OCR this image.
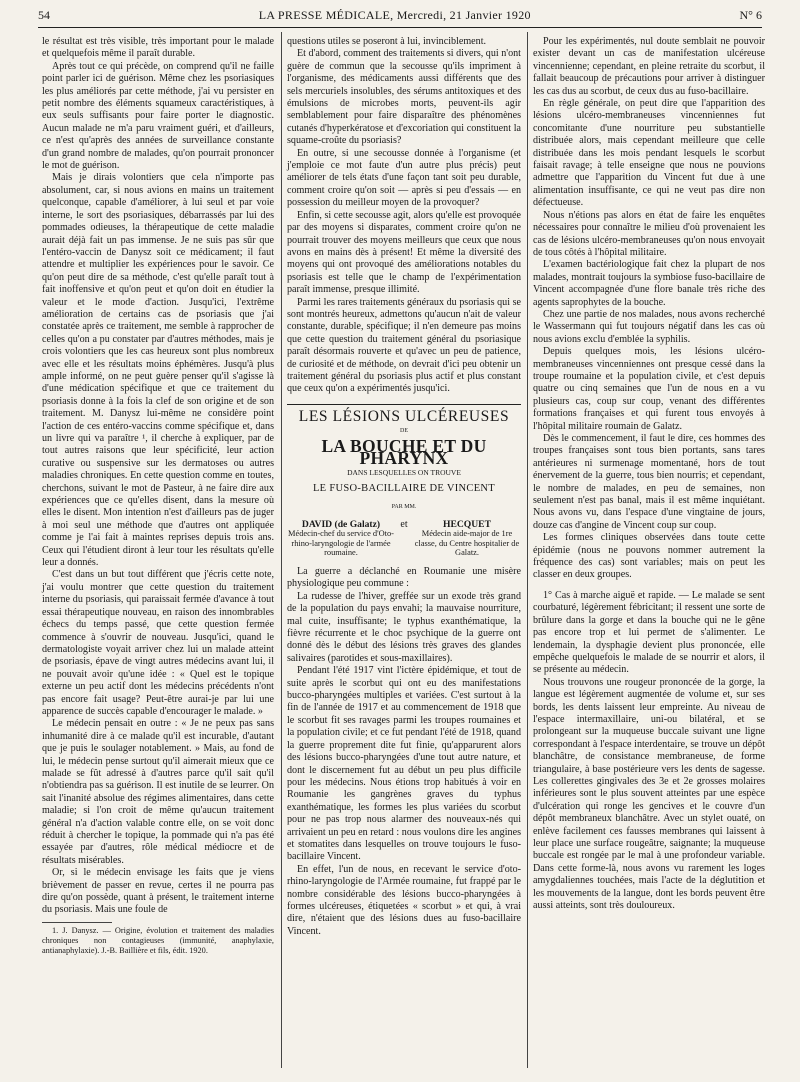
54	LA PRESSE MÉDICALE, Mercredi, 21 Janvier 1920	N° 6

le résultat est très visible, très important pour le malade et quelquefois même il paraît durable.

Après tout ce qui précède, on comprend qu'il ne faille point parler ici de guérison. Même chez les psoriasiques les plus améliorés par cette méthode, j'ai vu persister en petit nombre des éléments squameux caractéristiques, à eux seuls suffisants pour faire porter le diagnostic. Aucun malade ne m'a paru vraiment guéri, et d'ailleurs, ce n'est qu'après des années de surveillance constante d'un grand nombre de malades, qu'on pourrait prononcer le mot de guérison.

Mais je dirais volontiers que cela n'importe pas absolument, car, si nous avions en mains un traitement quelconque, capable d'améliorer, à lui seul et par voie interne, le sort des psoriasiques, débarrassés par lui des pommades odieuses, la thérapeutique de cette maladie aurait déjà fait un pas immense. Je ne suis pas sûr que l'entéro-vaccin de Danysz soit ce médicament; il faut attendre et multiplier les expériences pour le savoir. Ce qu'on peut dire de sa méthode, c'est qu'elle paraît tout à fait inoffensive et qu'on peut et qu'on doit en étudier la valeur et le mode d'action. Jusqu'ici, l'extrême amélioration de certains cas de psoriasis que j'ai constatée après ce traitement, me semble à rapprocher de celles qu'on a pu constater par d'autres méthodes, mais je crois volontiers que les cas heureux sont plus nombreux avec elle et les résultats moins éphémères. Jusqu'à plus ample informé, on ne peut guère penser qu'il s'agisse là d'une médication spécifique et que ce traitement du psoriasis donne à la fois la clef de son origine et de son traitement. M. Danysz lui-même ne considère point l'action de ces entéro-vaccins comme spécifique et, dans un livre qui va paraître ¹, il cherche à expliquer, par de tout autres raisons que leur spécificité, leur action curative ou suspensive sur les dermatoses ou autres maladies chroniques. En cette question comme en toutes, cherchons, suivant le mot de Pasteur, à ne faire dire aux expériences que ce qu'elles disent, dans la mesure où elles le disent. Mon intention n'est d'ailleurs pas de juger à moi seul une méthode que d'autres ont appliquée comme je l'ai fait à maintes reprises depuis trois ans. Ceux qui l'étudient diront à leur tour les résultats qu'elle leur a donnés.

C'est dans un but tout différent que j'écris cette note, j'ai voulu montrer que cette question du traitement interne du psoriasis, qui paraissait fermée d'avance à tout essai thérapeutique nouveau, en raison des innombrables échecs du temps passé, que cette question fermée commence à s'ouvrir de nouveau. Jusqu'ici, quand le dermatologiste voyait arriver chez lui un malade atteint de psoriasis, épave de vingt autres médecins avant lui, il ne pouvait avoir qu'une idée : « Quel est le topique externe un peu actif dont les médecins précédents n'ont pas encore fait usage? Peut-être aurai-je par lui une apparence de succès capable d'encourager le malade. »

Le médecin pensait en outre : « Je ne peux pas sans inhumanité dire à ce malade qu'il est incurable, d'autant que je puis le soulager notablement. » Mais, au fond de lui, le médecin pense surtout qu'il aimerait mieux que ce malade se fût adressé à d'autres parce qu'il sait qu'il n'obtiendra pas sa guérison. Il est inutile de se leurrer. On sait l'inanité absolue des régimes alimentaires, dans cette maladie; si l'on croit de même qu'aucun traitement général n'a d'action valable contre elle, on se voit donc réduit à chercher le topique, la pommade qui n'a pas été essayée par d'autres, rôle médical médiocre et de résultats misérables.

Or, si le médecin envisage les faits que je viens brièvement de passer en revue, certes il ne pourra pas dire qu'on possède, quant à présent, le traitement interne du psoriasis. Mais une foule de

1. J. Danysz. — Origine, évolution et traitement des maladies chroniques non contagieuses (immunité, anaphylaxie, antianaphylaxie). J.-B. Baillière et fils, édit. 1920.

questions utiles se poseront à lui, invinciblement.

Et d'abord, comment des traitements si divers, qui n'ont guère de commun que la secousse qu'ils impriment à l'organisme, des médicaments aussi différents que des sels mercuriels insolubles, des sérums antitoxiques et des émulsions de microbes morts, peuvent-ils agir semblablement pour faire disparaître des phénomènes cutanés d'hyperkératose et d'excoriation qui constituent la squame-croûte du psoriasis?

En outre, si une secousse donnée à l'organisme (et j'emploie ce mot faute d'un autre plus précis) peut améliorer de tels états d'une façon tant soit peu durable, comment croire qu'on soit — après si peu d'essais — en possession du meilleur moyen de la provoquer?

Enfin, si cette secousse agit, alors qu'elle est provoquée par des moyens si disparates, comment croire qu'on ne pourrait trouver des moyens meilleurs que ceux que nous avons en mains dès à présent! Et même la diversité des moyens qui ont provoqué des améliorations notables du psoriasis est telle que le champ de l'expérimentation paraît immense, presque illimité.

Parmi les rares traitements généraux du psoriasis qui se sont montrés heureux, admettons qu'aucun n'ait de valeur constante, durable, spécifique; il n'en demeure pas moins que cette question du traitement général du psoriasique paraît désormais rouverte et qu'avec un peu de patience, de curiosité et de méthode, on devrait d'ici peu obtenir un traitement général du psoriasis plus actif et plus constant que ceux qu'on a expérimentés jusqu'ici.

LES LÉSIONS ULCÉREUSES
DE
LA BOUCHE ET DU PHARYNX
DANS LESQUELLES ON TROUVE
LE FUSO-BACILLAIRE DE VINCENT
PAR MM.
DAVID (de Galatz)
Médecin-chef du service d'Oto-rhino-laryngologie de l'armée roumaine.
et	HECQUET
Médecin aide-major de 1re classe, du Centre hospitalier de Galatz.

La guerre a déclanché en Roumanie une misère physiologique peu commune :

La rudesse de l'hiver, greffée sur un exode très grand de la population du pays envahi; la mauvaise nourriture, mal cuite, insuffisante; le typhus exanthématique, la fièvre récurrente et le choc psychique de la guerre ont donné dès le début des lésions très graves des glandes salivaires (parotides et sous-maxillaires).

Pendant l'été 1917 vint l'ictère épidémique, et tout de suite après le scorbut qui ont eu des manifestations bucco-pharyngées multiples et variées. C'est surtout à la fin de l'année de 1917 et au commencement de 1918 que le scorbut fit ses ravages parmi les troupes roumaines et la population civile; et ce fut pendant l'été de 1918, quand la guerre proprement dite fut finie, qu'apparurent alors des lésions bucco-pharyngées d'une tout autre nature, et dont le discernement fut au début un peu plus difficile pour les médecins. Nous étions trop habitués à voir en Roumanie les gangrènes graves du typhus exanthématique, les formes les plus variées du scorbut pour ne pas trop nous alarmer des nouveaux-nés qui arrivaient un peu en retard : nous voulons dire les angines et stomatites dans lesquelles on trouve toujours le fuso-bacillaire Vincent.

En effet, l'un de nous, en recevant le service d'oto-rhino-laryngologie de l'Armée roumaine, fut frappé par le nombre considérable des lésions bucco-pharyngées à formes ulcéreuses, étiquetées « scorbut » et qui, à vrai dire, n'étaient que des lésions dues au fuso-bacillaire Vincent.

Pour les expérimentés, nul doute semblait ne pouvoir exister devant un cas de manifestation ulcéreuse vincennienne; cependant, en pleine retraite du scorbut, il fallait beaucoup de précautions pour arriver à distinguer les cas dus au scorbut, de ceux dus au fuso-bacillaire.

En règle générale, on peut dire que l'apparition des lésions ulcéro-membraneuses vincenniennes fut concomitante d'une nourriture peu substantielle distribuée alors, mais cependant meilleure que celle distribuée dans les mois pendant lesquels le scorbut faisait ravage; à telle enseigne que nous ne pouvions admettre que l'apparition du Vincent fut due à une alimentation insuffisante, ce qui ne veut pas dire non défectueuse.

Nous n'étions pas alors en état de faire les enquêtes nécessaires pour connaître le milieu d'où provenaient les cas de lésions ulcéro-membraneuses qu'on nous envoyait de tous côtés à l'hôpital militaire.

L'examen bactériologique fait chez la plupart de nos malades, montrait toujours la symbiose fuso-bacillaire de Vincent accompagnée d'une flore banale très riche des agents saprophytes de la bouche.

Chez une partie de nos malades, nous avons recherché le Wassermann qui fut toujours négatif dans les cas où nous avions exclu d'emblée la syphilis.

Depuis quelques mois, les lésions ulcéro-membraneuses vincenniennes ont presque cessé dans la troupe roumaine et la population civile, et c'est depuis quatre ou cinq semaines que l'un de nous en a vu plusieurs cas, coup sur coup, venant des différentes formations françaises et qui furent tous envoyés à l'hôpital militaire roumain de Galatz.

Dès le commencement, il faut le dire, ces hommes des troupes françaises sont tous bien portants, sans tares antérieures ni surmenage momentané, hors de tout énervement de la guerre, tous bien nourris; et cependant, le nombre de malades, en peu de semaines, non seulement n'est pas banal, mais il est même inquiétant. Nous avons vu, dans l'espace d'une vingtaine de jours, douze cas d'angine de Vincent coup sur coup.

Les formes cliniques observées dans toute cette épidémie (nous ne pouvons nommer autrement la fréquence des cas) sont variables; mais on peut les classer en deux groupes.

1° Cas à marche aiguë et rapide. — Le malade se sent courbaturé, légèrement fébricitant; il ressent une sorte de brûlure dans la gorge et dans la bouche qui ne le gêne pas encore trop et lui permet de s'alimenter. Le lendemain, la dysphagie devient plus prononcée, elle empêche quelquefois le malade de se nourrir et alors, il se présente au médecin.

Nous trouvons une rougeur prononcée de la gorge, la langue est légèrement augmentée de volume et, sur ses bords, les dents laissent leur empreinte. Au niveau de l'espace intermaxillaire, uni-ou bilatéral, et se prolongeant sur la muqueuse buccale suivant une ligne correspondant à l'espace interdentaire, se trouve un dépôt blanchâtre, de consistance membraneuse, de forme triangulaire, à base postérieure vers les dents de sagesse. Les collerettes gingivales des 3e et 2e grosses molaires inférieures sont le plus souvent atteintes par une espèce d'ulcération qui ronge les gencives et le couvre d'un dépôt membraneux blanchâtre. Avec un stylet ouaté, on enlève facilement ces fausses membranes qui laissent à leur place une surface rougeâtre, saignante; la muqueuse buccale est rongée par le mal à une profondeur variable. Dans cette forme-là, nous avons vu rarement les loges amygdaliennes touchées, mais l'acte de la déglutition et les mouvements de la langue, dont les bords peuvent être aussi atteints, sont très douloureux.
